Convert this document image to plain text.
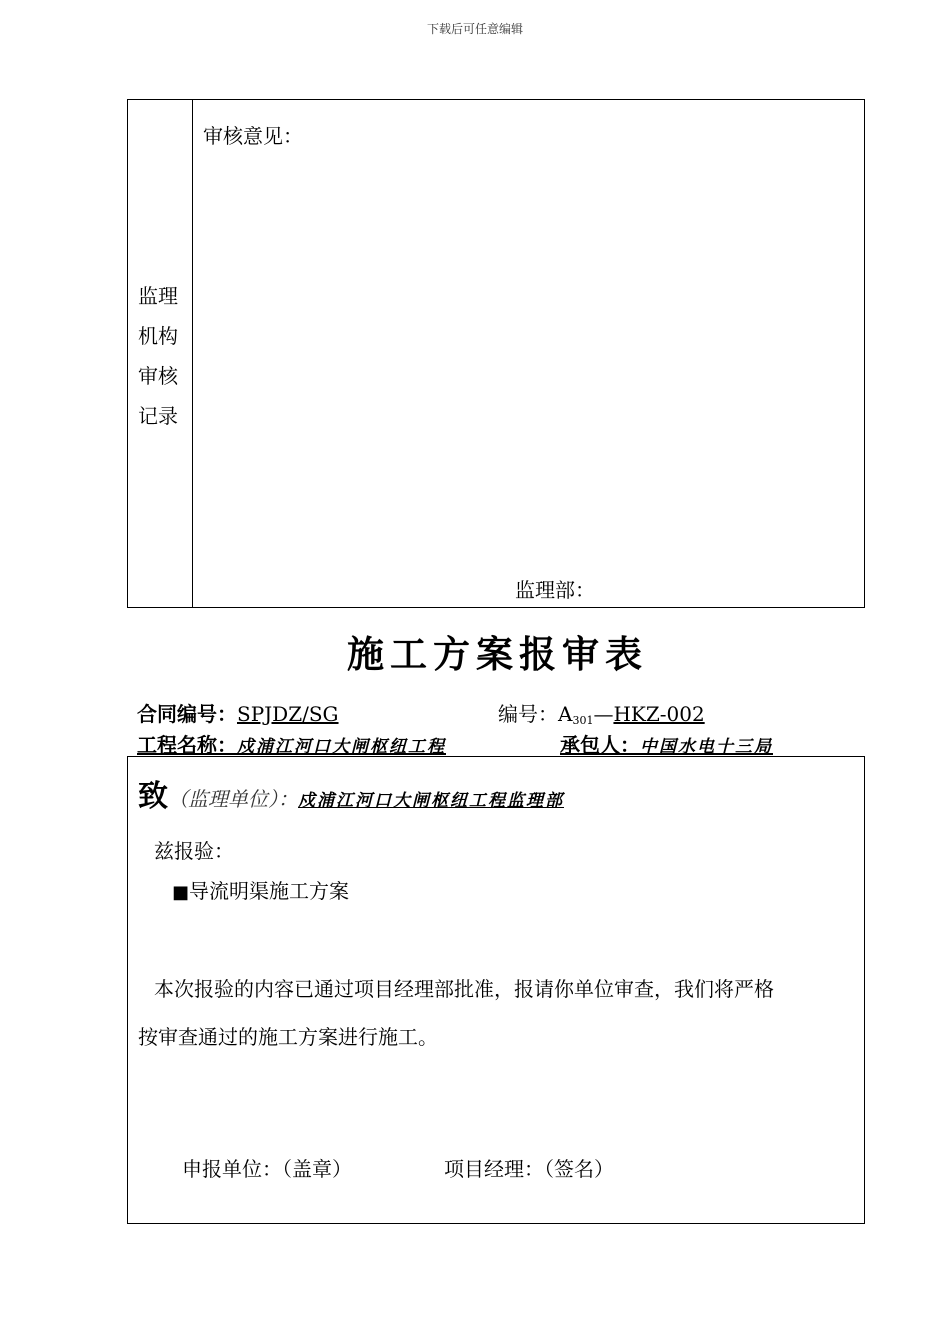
下载后可任意编辑
监理
机构
审核
记录
审核意见：
监理部：
施工方案报审表
合同编号：SPJDZ/SG	编号：$A_{301}—HKZ-002$
工程名称：戍浦江河口大闸枢纽工程	承包人：中国水电十三局
致（监理单位）：戍浦江河口大闸枢纽工程监理部
兹报验：
■导流明渠施工方案
本次报验的内容已通过项目经理部批准，报请你单位审查，我们将严格
按审查通过的施工方案进行施工。
申报单位：（盖章）	项目经理：（签名）
